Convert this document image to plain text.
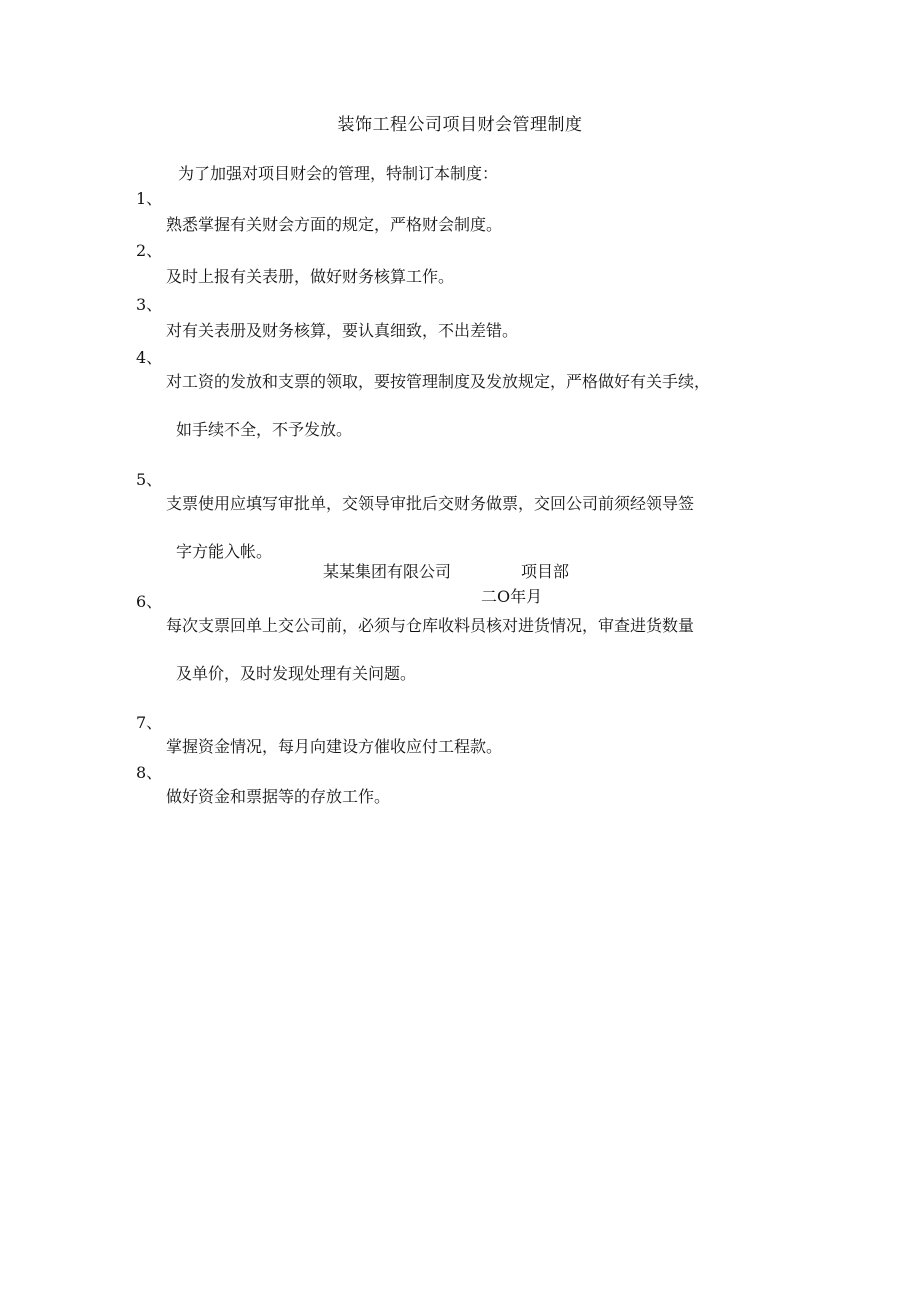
装饰工程公司项目财会管理制度
为了加强对项目财会的管理，特制订本制度：
1、

熟悉掌握有关财会方面的规定，严格财会制度。

2、

及时上报有关表册，做好财务核算工作。

3、

对有关表册及财务核算，要认真细致，不出差错。

4、

对工资的发放和支票的领取，要按管理制度及发放规定，严格做好有关手续，

如手续不全，不予发放。

5、

支票使用应填写审批单，交领导审批后交财务做票，交回公司前须经领导签

字方能入帐。

6、

每次支票回单上交公司前，必须与仓库收料员核对进货情况，审查进货数量

及单价，及时发现处理有关问题。

7、

掌握资金情况，每月向建设方催收应付工程款。

8、

做好资金和票据等的存放工作。

某某集团有限公司	项目部
二O年月
